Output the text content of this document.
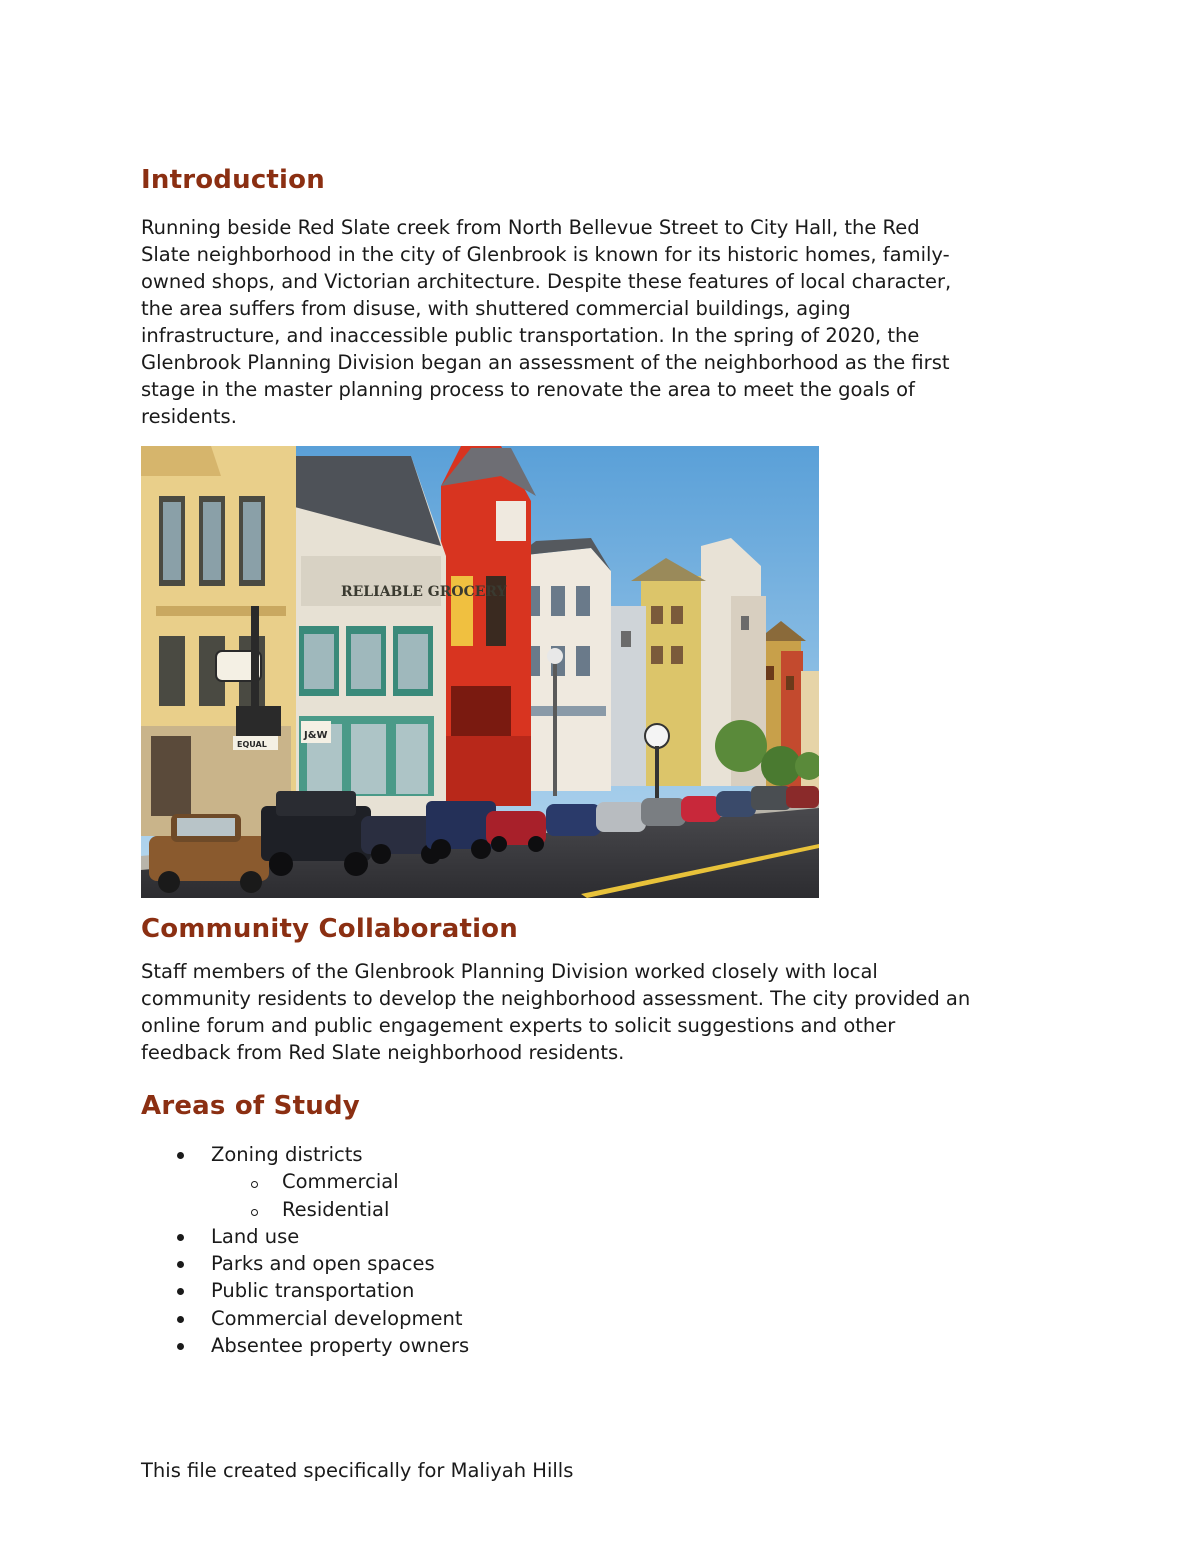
Introduction
Running beside Red Slate creek from North Bellevue Street to City Hall, the Red
Slate neighborhood in the city of Glenbrook is known for its historic homes, family-
owned shops, and Victorian architecture. Despite these features of local character,
the area suffers from disuse, with shuttered commercial buildings, aging
infrastructure, and inaccessible public transportation. In the spring of 2020, the
Glenbrook Planning Division began an assessment of the neighborhood as the first
stage in the master planning process to renovate the area to meet the goals of
residents.
RELIABLE GROCERY
J&W
EQUAL
Community Collaboration
Staff members of the Glenbrook Planning Division worked closely with local
community residents to develop the neighborhood assessment. The city provided an
online forum and public engagement experts to solicit suggestions and other
feedback from Red Slate neighborhood residents.
Areas of Study
Zoning districts
Commercial
Residential
Land use
Parks and open spaces
Public transportation
Commercial development
Absentee property owners
This file created specifically for Maliyah Hills
